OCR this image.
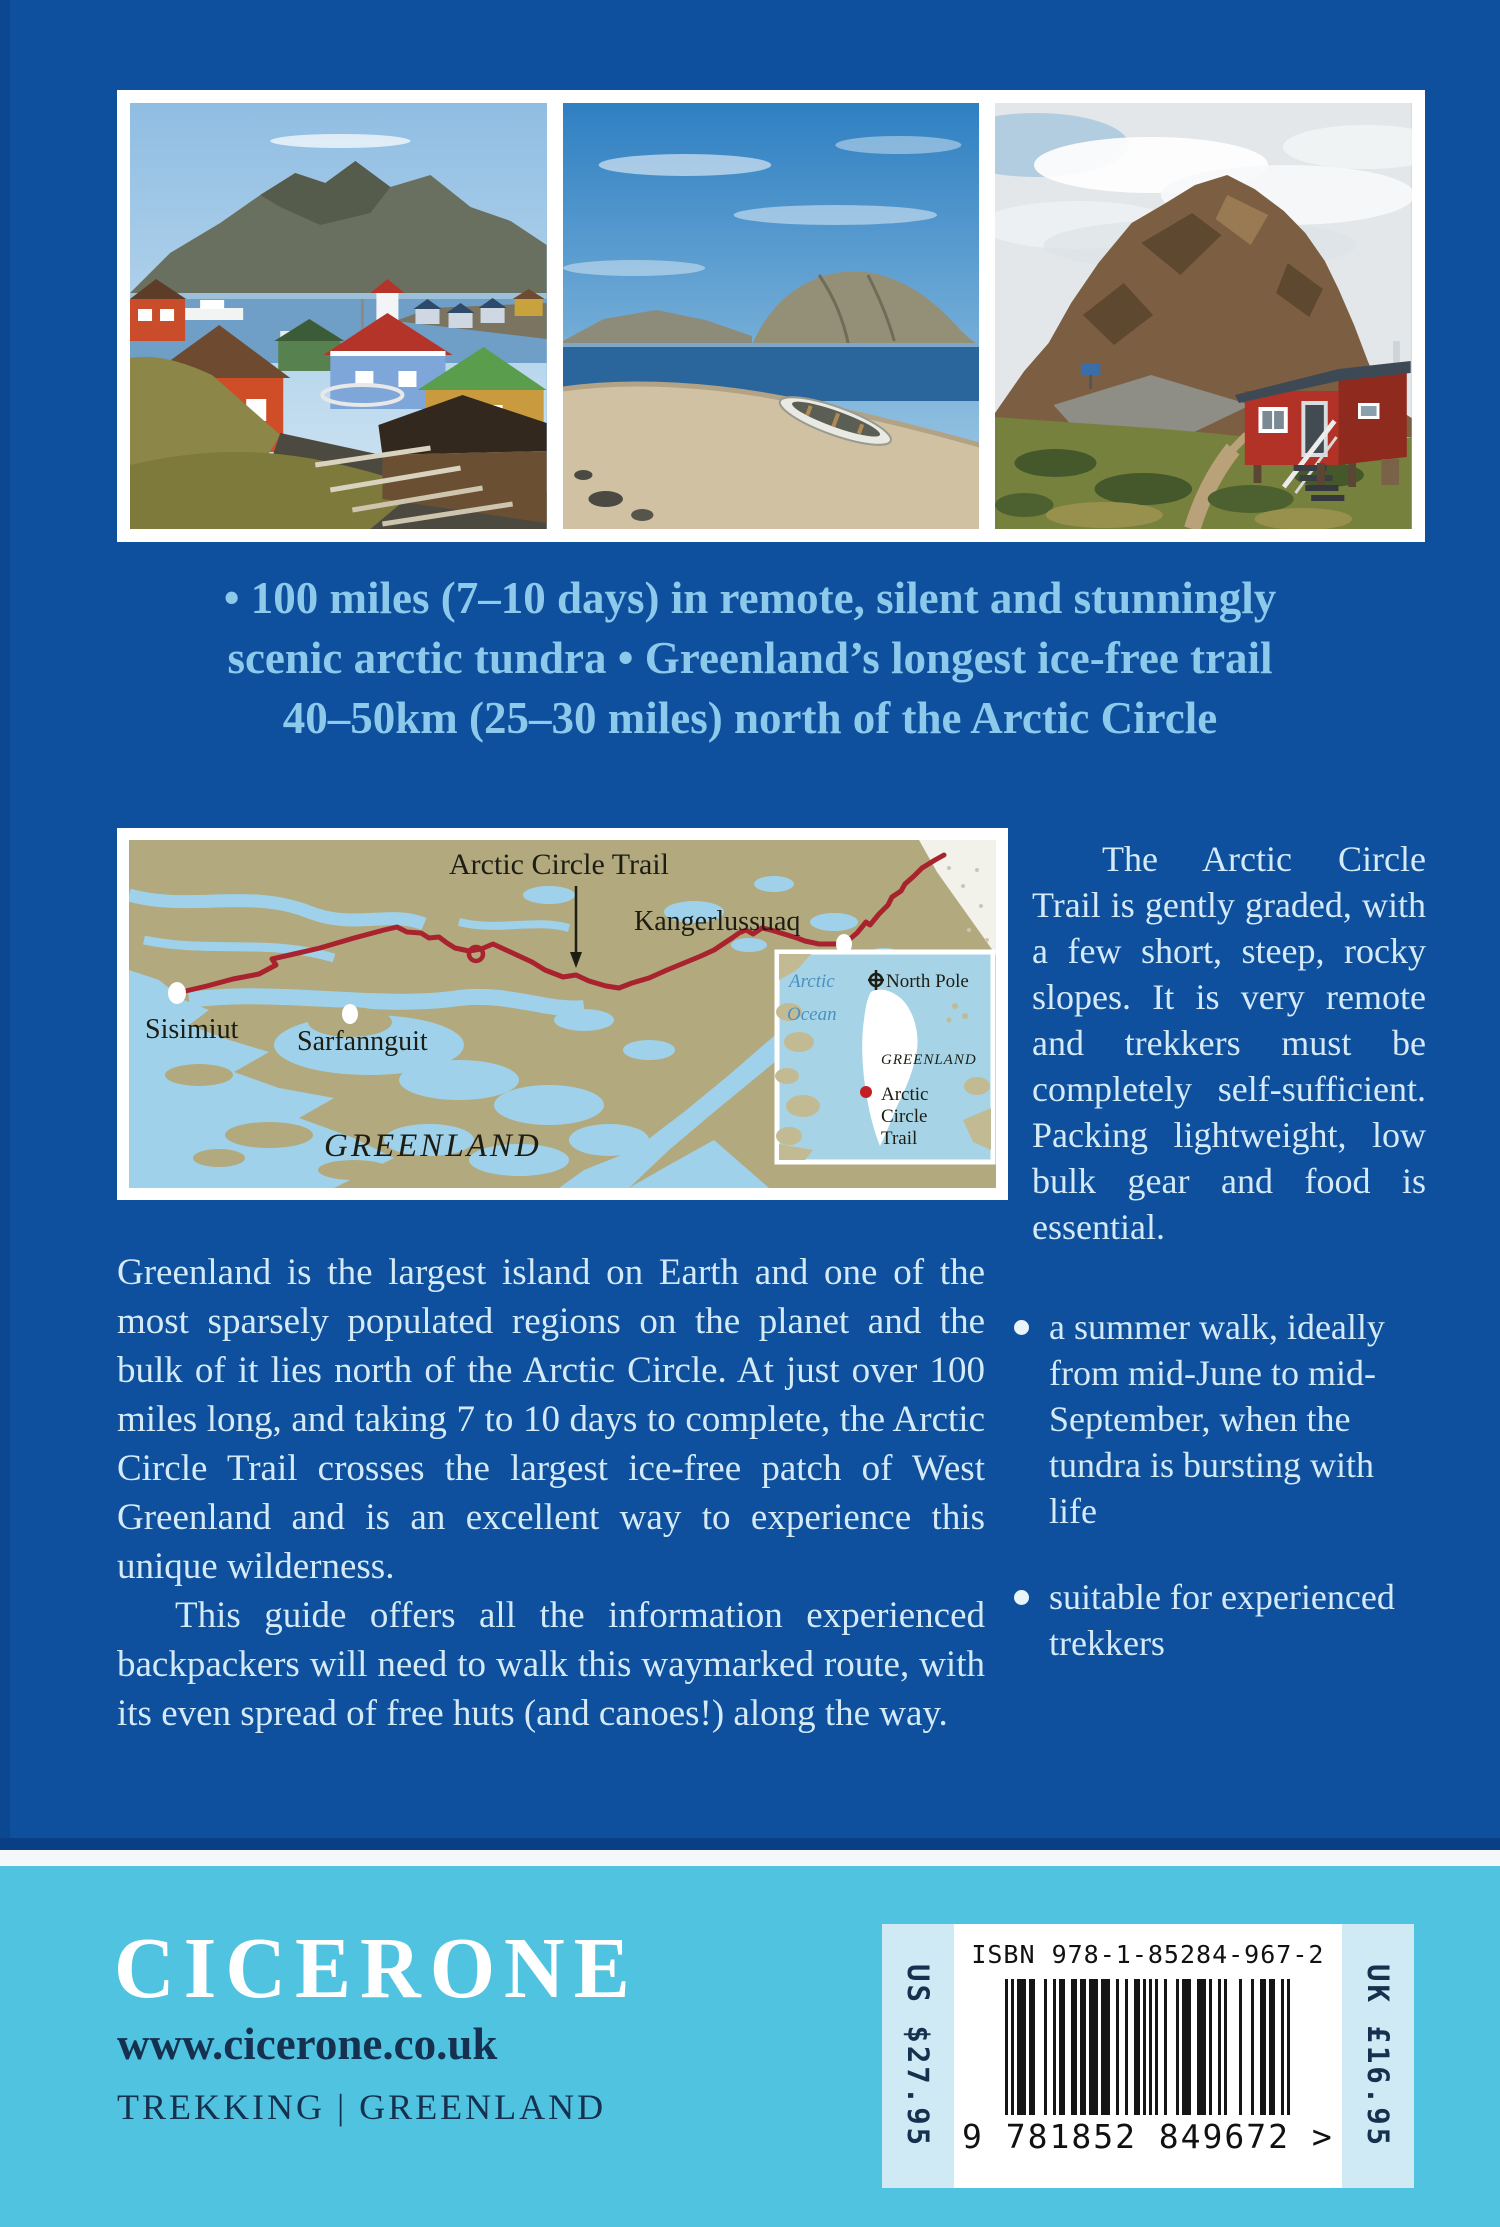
• 100 miles (7–10 days) in remote, silent and stunningly
scenic arctic tundra • Greenland’s longest ice-free trail
40–50km (25–30 miles) north of the Arctic Circle
Arctic Circle Trail
Kangerlussuaq
Sisimiut Sarfannguit
GREENLAND
Arctic
Ocean
North Pole
GREENLAND
Arctic
Circle
Trail
The Arctic Circle Trail is gently graded, with a few short, steep, rocky slopes. It is very remote and trekkers must be completely self-sufficient. Packing lightweight, low bulk gear and food is essential.
a summer walk, ideally from mid-June to mid-September, when the tundra is bursting with life
suitable for experienced trekkers

Greenland is the largest island on Earth and one of the most sparsely populated regions on the planet and the bulk of it lies north of the Arctic Circle. At just over 100 miles long, and taking 7 to 10 days to complete, the Arctic Circle Trail crosses the largest ice-free patch of West Greenland and is an excellent way to experience this unique wilderness.

This guide offers all the information experienced backpackers will need to walk this waymarked route, with its even spread of free huts (and canoes!) along the way.

CICERONE
www.cicerone.co.uk
TREKKING | GREENLAND	US $27.95
ISBN 978-1-85284-967-2
9 781852 849672 > UK £16.95
